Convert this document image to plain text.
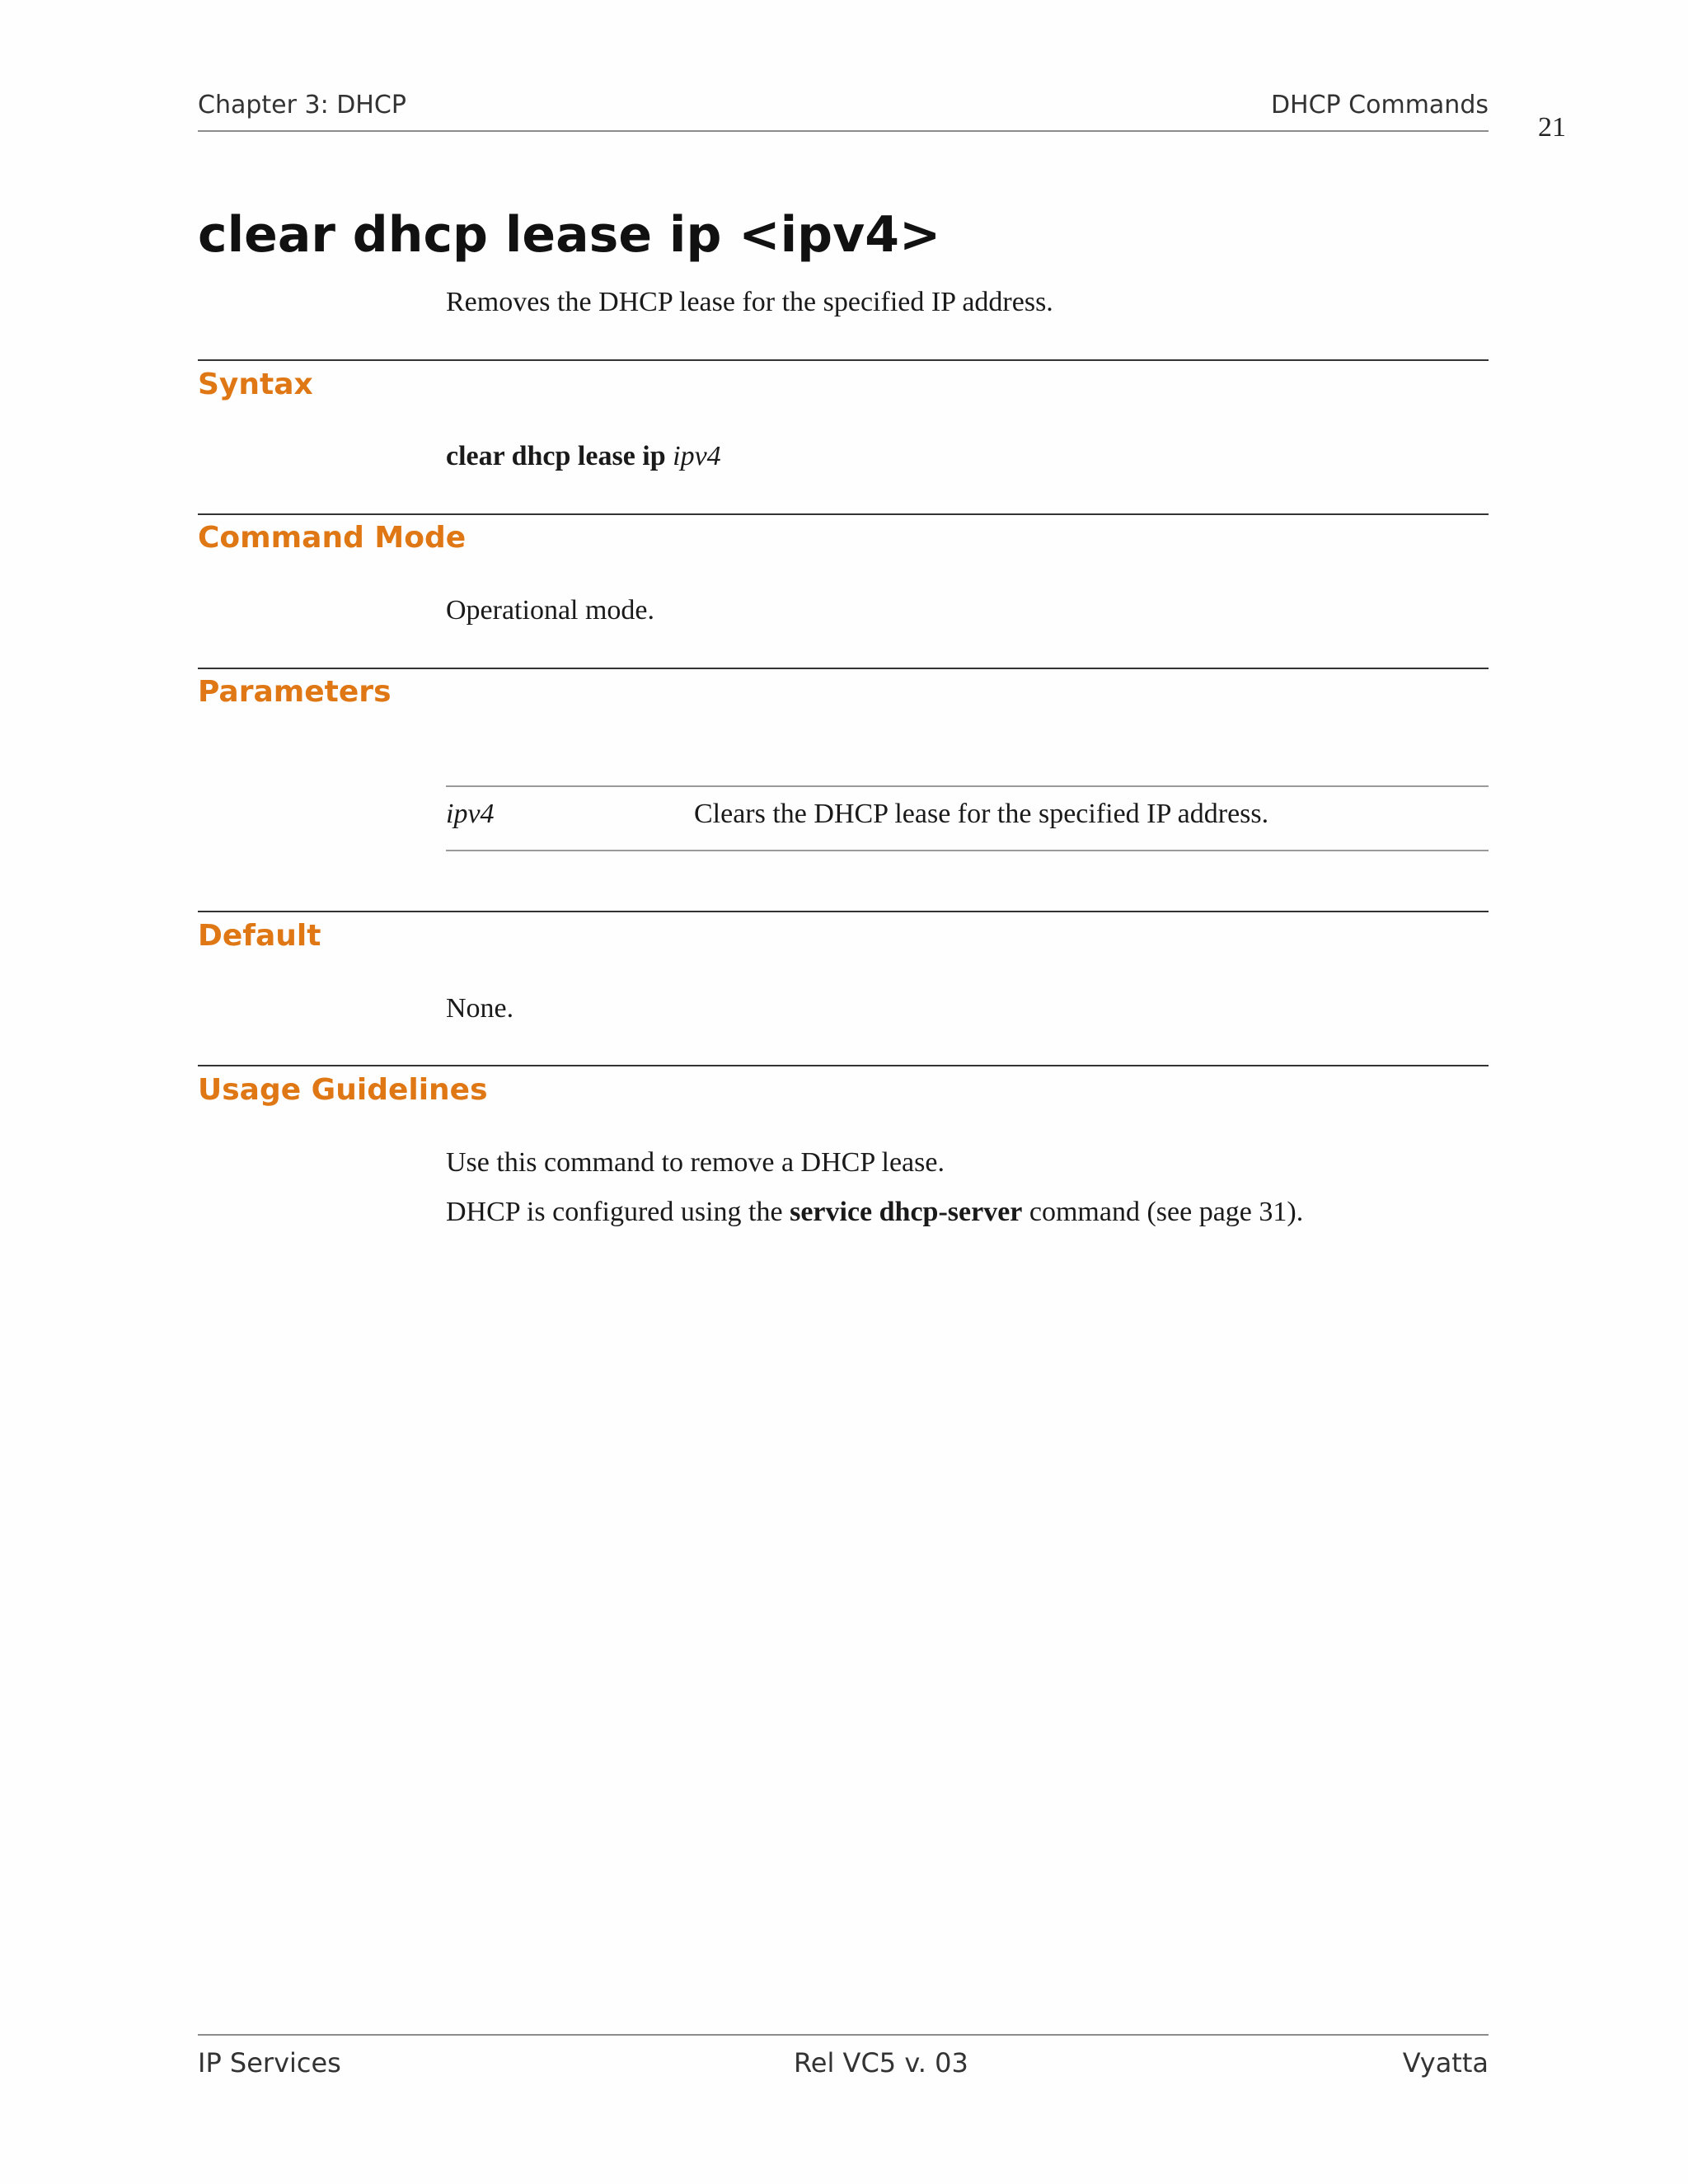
Chapter 3: DHCP	DHCP Commands
21
clear dhcp lease ip <ipv4>
Removes the DHCP lease for the specified IP address.
Syntax
clear dhcp lease ip ipv4
Command Mode
Operational mode.
Parameters
ipv4	Clears the DHCP lease for the specified IP address.
Default
None.
Usage Guidelines
Use this command to remove a DHCP lease.
DHCP is configured using the service dhcp-server command (see page 31).
IP Services	Rel VC5 v. 03	Vyatta
